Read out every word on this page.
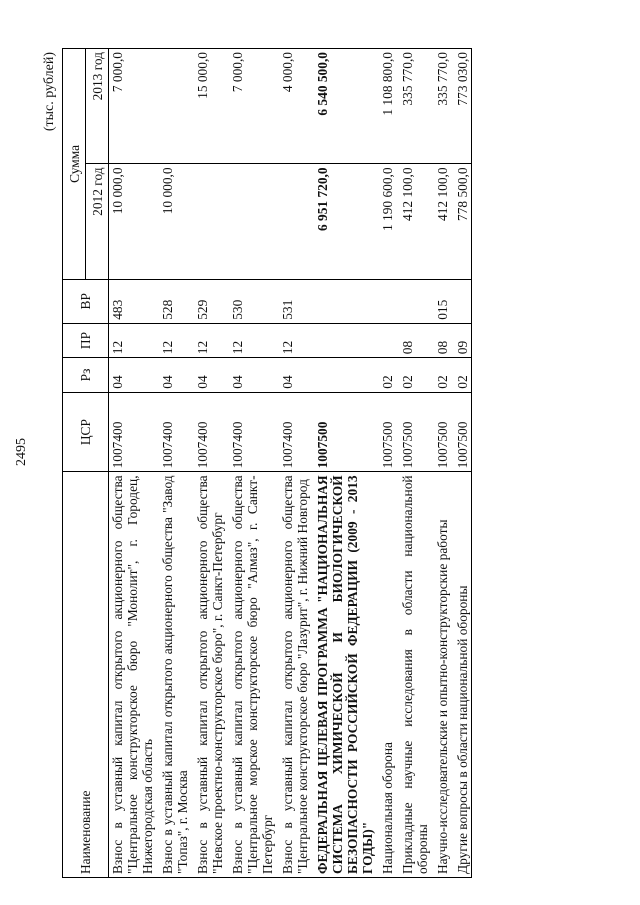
2495
(тыс. рублей)
Наименование	ЦСР	Рз	ПР	ВР	Сумма	
					2012 год	2013 год
Взнос в уставный капитал открытого акционерного общества "Центральное конструкторское бюро "Монолит", г. Городец, Нижегородская область	1007400	04	12	483	10 000,0	7 000,0
Взнос в уставный капитал открытого акционерного общества "Завод "Топаз", г. Москва	1007400	04	12	528	10 000,0	
Взнос в уставный капитал открытого акционерного общества "Невское проектно-конструкторское бюро", г. Санкт-Петербург	1007400	04	12	529		15 000,0
Взнос в уставный капитал открытого акционерного общества "Центральное морское конструкторское бюро "Алмаз", г. Санкт-Петербург	1007400	04	12	530		7 000,0
Взнос в уставный капитал открытого акционерного общества "Центральное конструкторское бюро "Лазурит", г. Нижний Новгород	1007400	04	12	531		4 000,0
ФЕДЕРАЛЬНАЯ ЦЕЛЕВАЯ ПРОГРАММА "НАЦИОНАЛЬНАЯ СИСТЕМА ХИМИЧЕСКОЙ И БИОЛОГИЧЕСКОЙ БЕЗОПАСНОСТИ РОССИЙСКОЙ ФЕДЕРАЦИИ (2009 - 2013 ГОДЫ)"	1007500				6 951 720,0	6 540 500,0
Национальная оборона	1007500	02			1 190 600,0	1 108 800,0
Прикладные научные исследования в области национальной обороны	1007500	02	08		412 100,0	335 770,0
Научно-исследовательские и опытно-конструкторские работы	1007500	02	08	015	412 100,0	335 770,0
Другие вопросы в области национальной обороны	1007500	02	09		778 500,0	773 030,0
